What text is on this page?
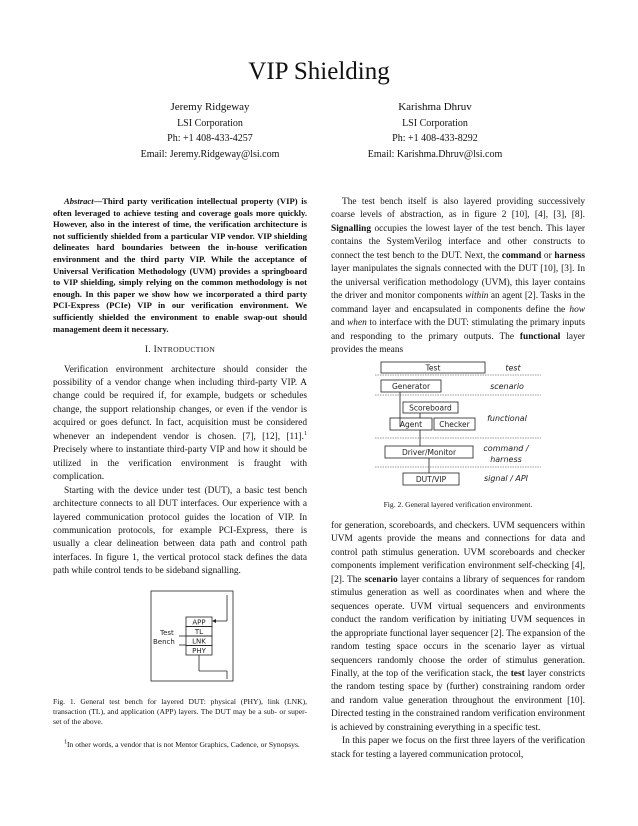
VIP Shielding
Jeremy Ridgeway
LSI Corporation
Ph: +1 408-433-4257
Email: Jeremy.Ridgeway@lsi.com
Karishma Dhruv
LSI Corporation
Ph: +1 408-433-8292
Email: Karishma.Dhruv@lsi.com

Abstract—Third party verification intellectual property (VIP) is often leveraged to achieve testing and coverage goals more quickly. However, also in the interest of time, the verification architecture is not sufficiently shielded from a particular VIP vendor. VIP shielding delineates hard boundaries between the in-house verification environment and the third party VIP. While the acceptance of Universal Verification Methodology (UVM) provides a springboard to VIP shielding, simply relying on the common methodology is not enough. In this paper we show how we incorporated a third party PCI-Express (PCIe) VIP in our verification environment. We sufficiently shielded the environment to enable swap-out should management deem it necessary.

I. INTRODUCTION

Verification environment architecture should consider the possibility of a vendor change when including third-party VIP. A change could be required if, for example, budgets or schedules change, the support relationship changes, or even if the vendor is acquired or goes defunct. In fact, acquisition must be considered whenever an independent vendor is chosen. [7], [12], [11].$^1$ Precisely where to instantiate third-party VIP and how it should be utilized in the verification environment is fraught with complication.

Starting with the device under test (DUT), a basic test bench architecture connects to all DUT interfaces. Our experience with a layered communication protocol guides the location of VIP. In communication protocols, for example PCI-Express, there is usually a clear delineation between data path and control path interfaces. In figure 1, the vertical protocol stack defines the data path while control tends to be sideband signalling.

Test
Bench
APP
TL
LNK
PHY
Fig. 1. General test bench for layered DUT: physical (PHY), link (LNK), transaction (TL), and application (APP) layers. The DUT may be a sub- or super-set of the above.
$^1$In other words, a vendor that is not Mentor Graphics, Cadence, or Synopsys.

The test bench itself is also layered providing successively coarse levels of abstraction, as in figure 2 [10], [4], [3], [8]. Signalling occupies the lowest layer of the test bench. This layer contains the SystemVerilog interface and other constructs to connect the test bench to the DUT. Next, the command or harness layer manipulates the signals connected with the DUT [10], [3]. In the universal verification methodology (UVM), this layer contains the driver and monitor components within an agent [2]. Tasks in the command layer and encapsulated in components define the how and when to interface with the DUT: stimulating the primary inputs and responding to the primary outputs. The functional layer provides the means

Test
Generator
Scoreboard
Agent Checker
Driver/Monitor
DUT/VIP
test
scenario
functional
command /
harness
signal / API
Fig. 2. General layered verification environment.

for generation, scoreboards, and checkers. UVM sequencers within UVM agents provide the means and connections for data and control path stimulus generation. UVM scoreboards and checker components implement verification environment self-checking [4], [2]. The scenario layer contains a library of sequences for random stimulus generation as well as coordinates when and where the sequences operate. UVM virtual sequencers and environments conduct the random verification by initiating UVM sequences in the appropriate functional layer sequencer [2]. The expansion of the random testing space occurs in the scenario layer as virtual sequencers randomly choose the order of stimulus generation. Finally, at the top of the verification stack, the test layer constricts the random testing space by (further) constraining random order and random value generation throughout the environment [10]. Directed testing in the constrained random verification environment is achieved by constraining everything in a specific test.

In this paper we focus on the first three layers of the verification stack for testing a layered communication protocol,
